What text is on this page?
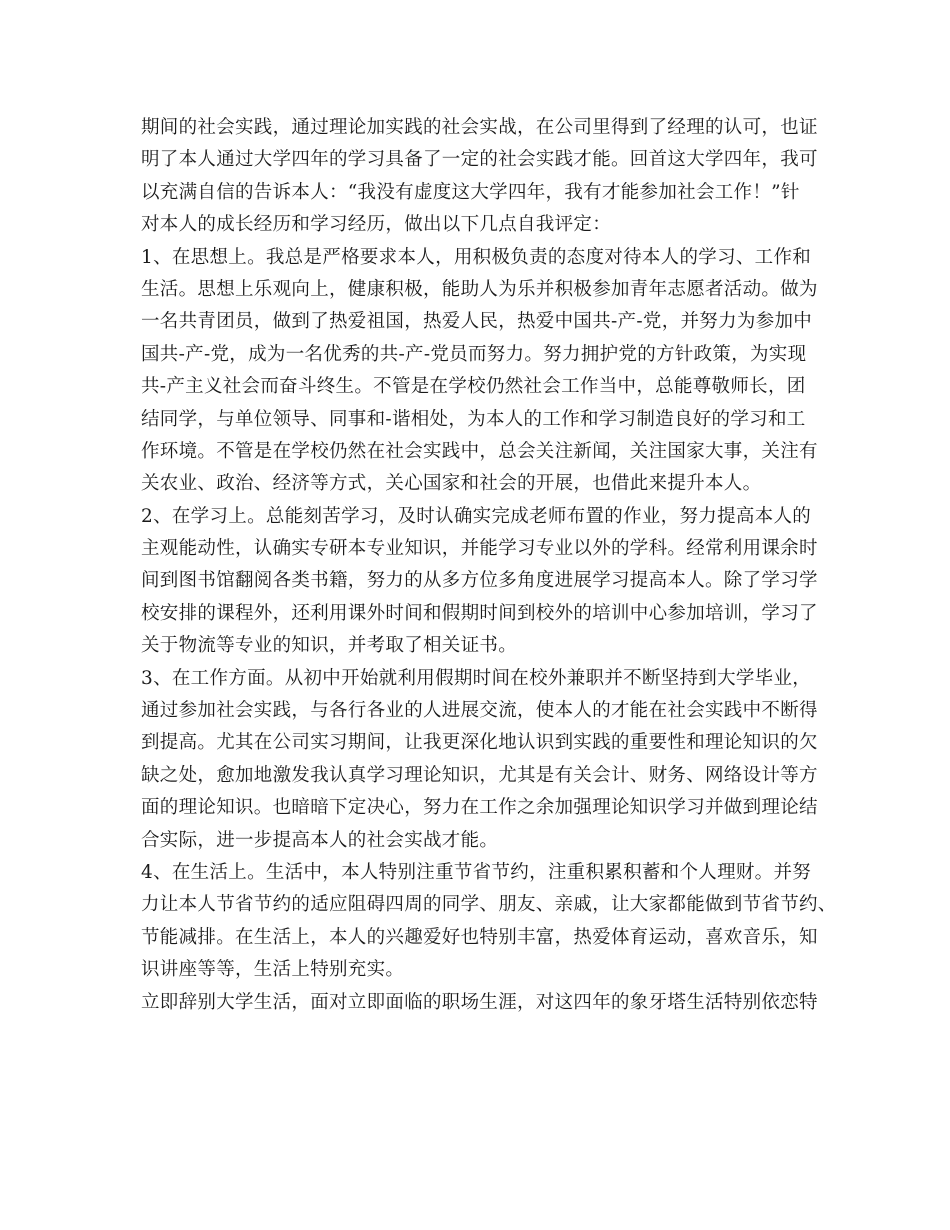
期间的社会实践，通过理论加实践的社会实战，在公司里得到了经理的认可，也证
明了本人通过大学四年的学习具备了一定的社会实践才能。回首这大学四年，我可
以充满自信的告诉本人：“我没有虚度这大学四年，我有才能参加社会工作！”针
对本人的成长经历和学习经历，做出以下几点自我评定：
1、在思想上。我总是严格要求本人，用积极负责的态度对待本人的学习、工作和
生活。思想上乐观向上，健康积极，能助人为乐并积极参加青年志愿者活动。做为
一名共青团员，做到了热爱祖国，热爱人民，热爱中国共-产-党，并努力为参加中
国共-产-党，成为一名优秀的共-产-党员而努力。努力拥护党的方针政策，为实现
共-产主义社会而奋斗终生。不管是在学校仍然社会工作当中，总能尊敬师长，团
结同学，与单位领导、同事和-谐相处，为本人的工作和学习制造良好的学习和工
作环境。不管是在学校仍然在社会实践中，总会关注新闻，关注国家大事，关注有
关农业、政治、经济等方式，关心国家和社会的开展，也借此来提升本人。
2、在学习上。总能刻苦学习，及时认确实完成老师布置的作业，努力提高本人的
主观能动性，认确实专研本专业知识，并能学习专业以外的学科。经常利用课余时
间到图书馆翻阅各类书籍，努力的从多方位多角度进展学习提高本人。除了学习学
校安排的课程外，还利用课外时间和假期时间到校外的培训中心参加培训，学习了
关于物流等专业的知识，并考取了相关证书。
3、在工作方面。从初中开始就利用假期时间在校外兼职并不断坚持到大学毕业，
通过参加社会实践，与各行各业的人进展交流，使本人的才能在社会实践中不断得
到提高。尤其在公司实习期间，让我更深化地认识到实践的重要性和理论知识的欠
缺之处，愈加地激发我认真学习理论知识，尤其是有关会计、财务、网络设计等方
面的理论知识。也暗暗下定决心，努力在工作之余加强理论知识学习并做到理论结
合实际，进一步提高本人的社会实战才能。
4、在生活上。生活中，本人特别注重节省节约，注重积累积蓄和个人理财。并努
力让本人节省节约的适应阻碍四周的同学、朋友、亲戚，让大家都能做到节省节约、
节能减排。在生活上，本人的兴趣爱好也特别丰富，热爱体育运动，喜欢音乐，知
识讲座等等，生活上特别充实。
立即辞别大学生活，面对立即面临的职场生涯，对这四年的象牙塔生活特别依恋特
